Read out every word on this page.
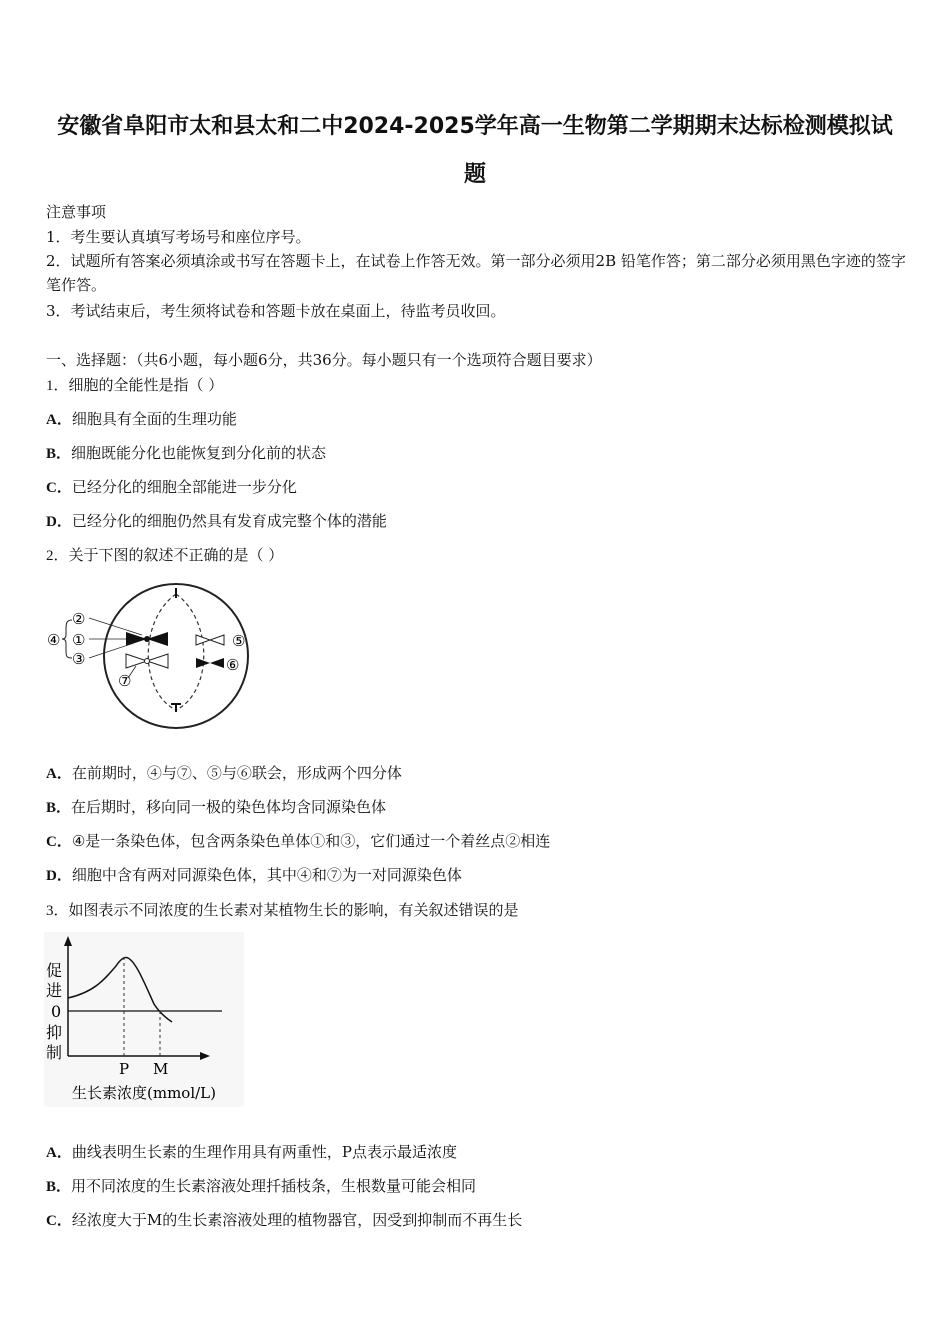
安徽省阜阳市太和县太和二中2024-2025学年高一生物第二学期期末达标检测模拟试
题
注意事项
1．考生要认真填写考场号和座位序号。
2．试题所有答案必须填涂或书写在答题卡上，在试卷上作答无效。第一部分必须用2B 铅笔作答；第二部分必须用黑色字迹的签字笔作答。
3．考试结束后，考生须将试卷和答题卡放在桌面上，待监考员收回。
一、选择题：（共6小题，每小题6分，共36分。每小题只有一个选项符合题目要求）
1．细胞的全能性是指（ ）
A．细胞具有全面的生理功能
B．细胞既能分化也能恢复到分化前的状态
C．已经分化的细胞全部能进一步分化
D．已经分化的细胞仍然具有发育成完整个体的潜能
2．关于下图的叙述不正确的是（ ）
④
②
①
③
⑤
⑥
⑦
A．在前期时，④与⑦、⑤与⑥联会，形成两个四分体
B．在后期时，移向同一极的染色体均含同源染色体
C．④是一条染色体，包含两条染色单体①和③，它们通过一个着丝点②相连
D．细胞中含有两对同源染色体，其中④和⑦为一对同源染色体
3．如图表示不同浓度的生长素对某植物生长的影响，有关叙述错误的是
促
进
0
抑
制
P M
生长素浓度(mmol/L)
A．曲线表明生长素的生理作用具有两重性，P点表示最适浓度
B．用不同浓度的生长素溶液处理扦插枝条，生根数量可能会相同
C．经浓度大于M的生长素溶液处理的植物器官，因受到抑制而不再生长
